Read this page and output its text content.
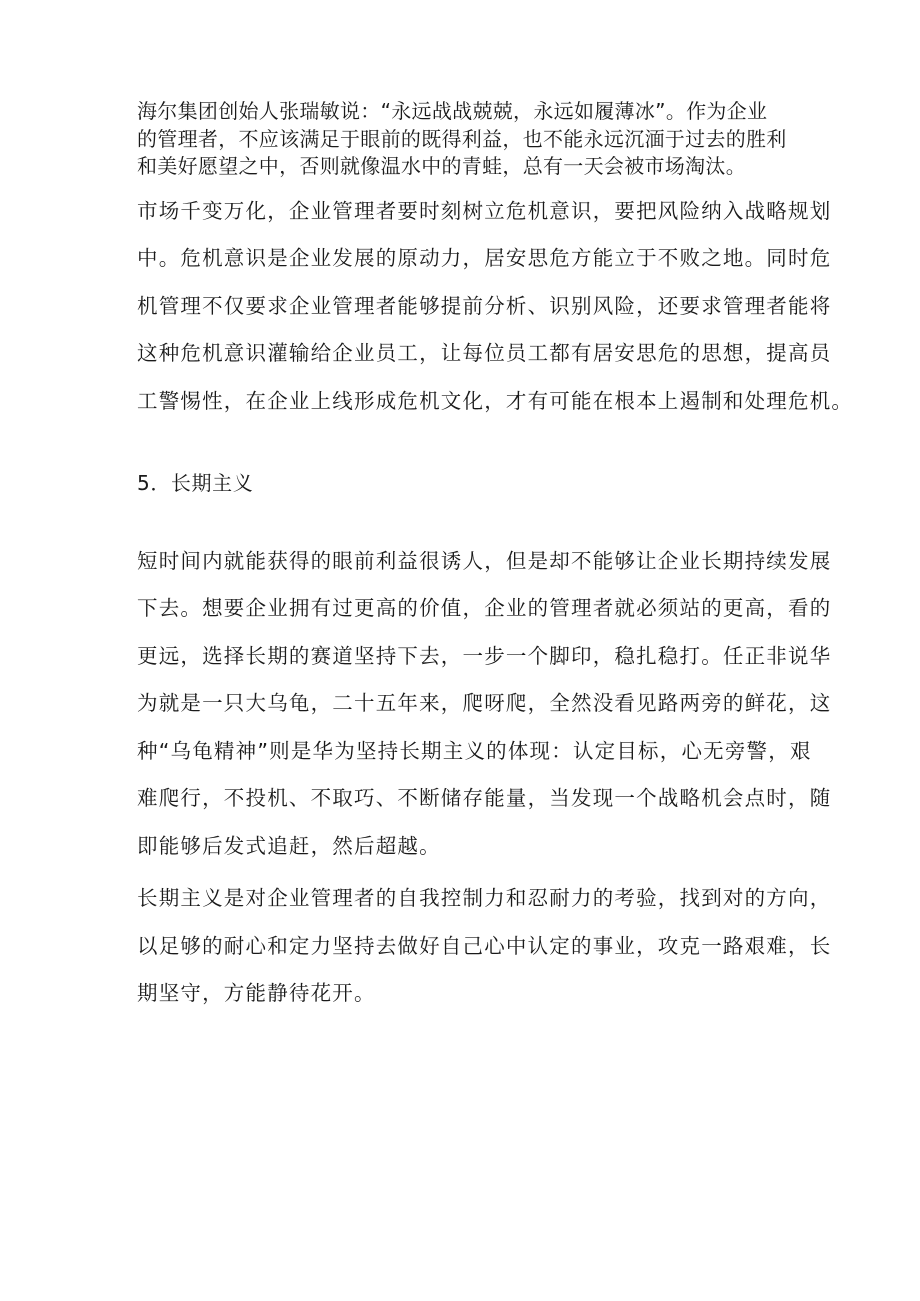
海尔集团创始人张瑞敏说：“永远战战兢兢，永远如履薄冰”。作为企业
的管理者，不应该满足于眼前的既得利益，也不能永远沉湎于过去的胜利
和美好愿望之中，否则就像温水中的青蛙，总有一天会被市场淘汰。
市场千变万化，企业管理者要时刻树立危机意识，要把风险纳入战略规划
中。危机意识是企业发展的原动力，居安思危方能立于不败之地。同时危
机管理不仅要求企业管理者能够提前分析、识别风险，还要求管理者能将
这种危机意识灌输给企业员工，让每位员工都有居安思危的思想，提高员
工警惕性，在企业上线形成危机文化，才有可能在根本上遏制和处理危机。
5．长期主义
短时间内就能获得的眼前利益很诱人，但是却不能够让企业长期持续发展
下去。想要企业拥有过更高的价值，企业的管理者就必须站的更高，看的
更远，选择长期的赛道坚持下去，一步一个脚印，稳扎稳打。任正非说华
为就是一只大乌龟，二十五年来，爬呀爬，全然没看见路两旁的鲜花，这
种“乌龟精神”则是华为坚持长期主义的体现：认定目标，心无旁警，艰
难爬行，不投机、不取巧、不断储存能量，当发现一个战略机会点时，随
即能够后发式追赶，然后超越。
长期主义是对企业管理者的自我控制力和忍耐力的考验，找到对的方向，
以足够的耐心和定力坚持去做好自己心中认定的事业，攻克一路艰难，长
期坚守，方能静待花开。
